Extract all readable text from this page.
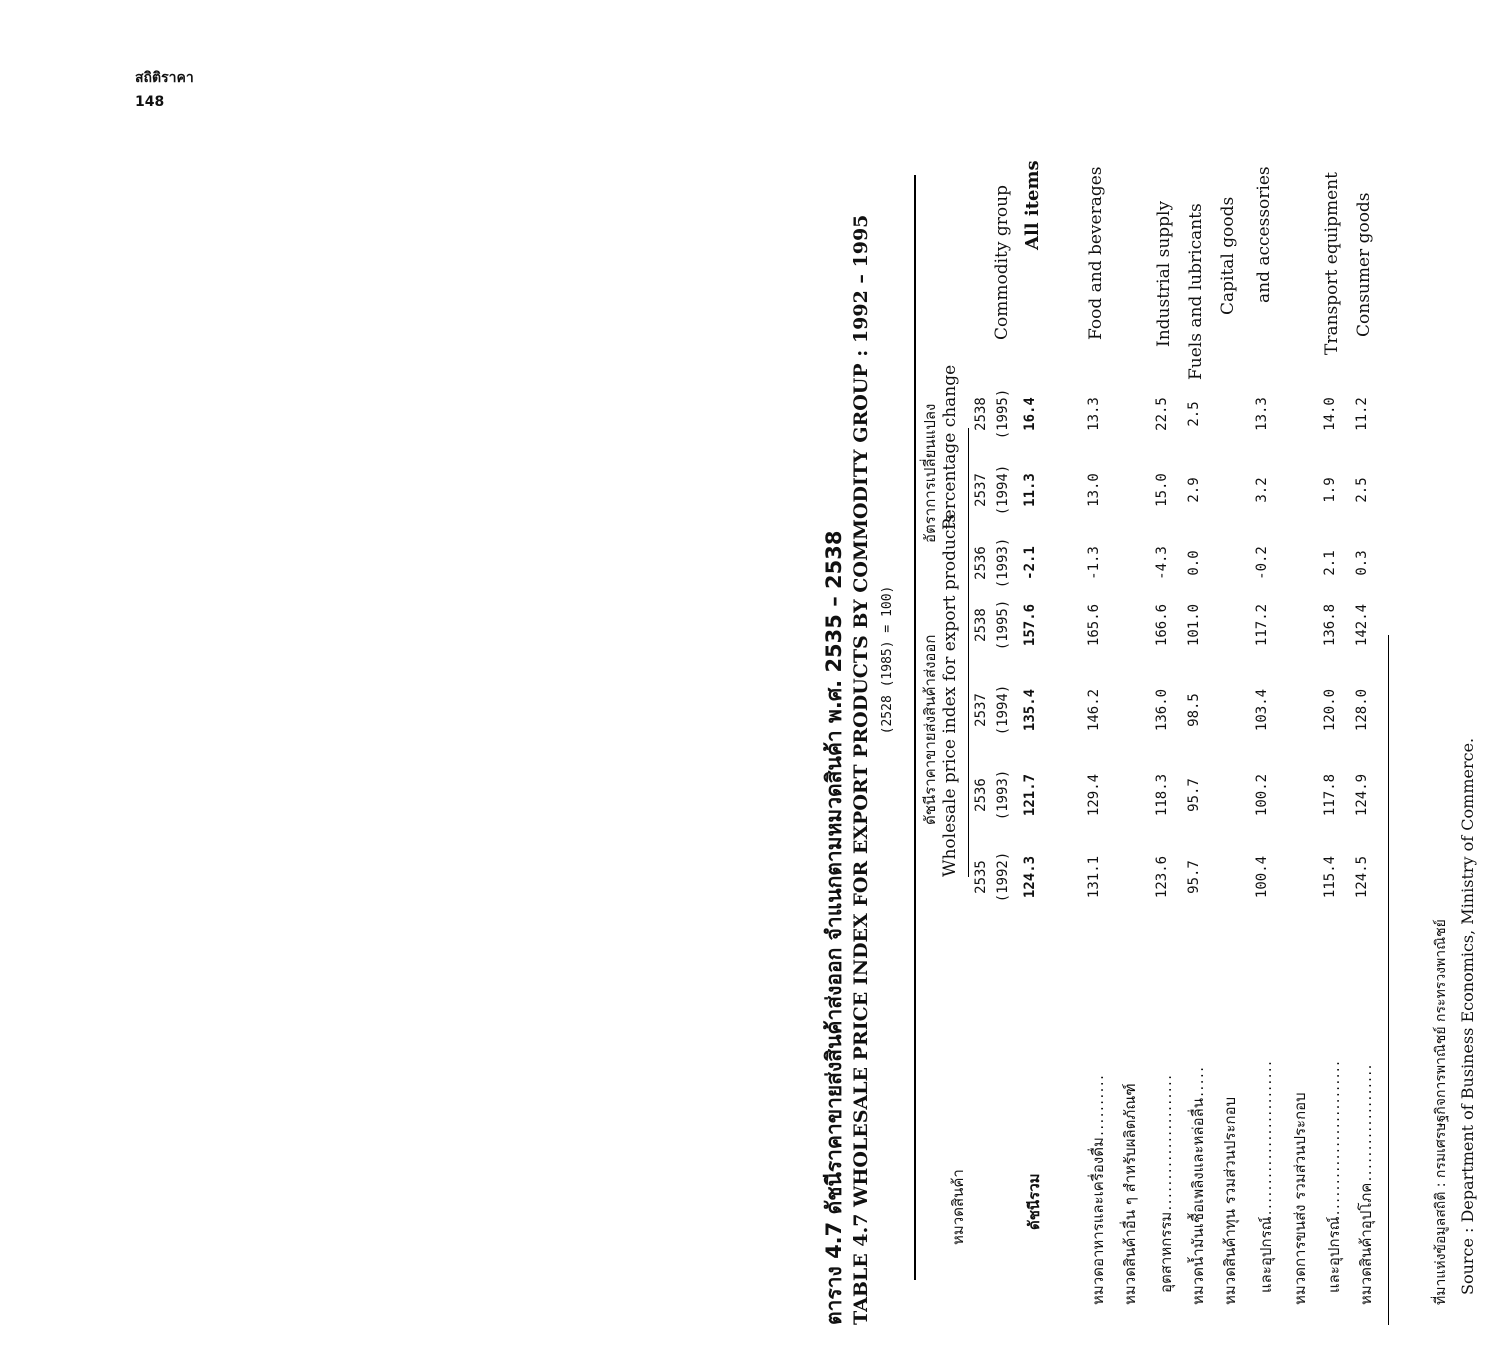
สถิติราคา
148
ตาราง 4.7 ดัชนีราคาขายส่งสินค้าส่งออก จำแนกตามหมวดสินค้า พ.ศ. 2535 – 2538 TABLE 4.7 WHOLESALE PRICE INDEX FOR EXPORT PRODUCTS BY COMMODITY GROUP : 1992 – 1995 (2528 (1985) = 100)
หมวดสินค้า
Commodity group
ดัชนีราคาขายส่งสินค้าส่งออก Wholesale price index for export products
อัตราการเปลี่ยนแปลง Percentage change
2535 (1992)
2536 (1993)
2537 (1994)
2538 (1995)
2536 (1993)
2537 (1994)
2538 (1995)
ดัชนีรวม
124.3
121.7
135.4
157.6
-2.1
11.3
16.4
All items
หมวดอาหารและเครื่องดื่ม..........
131.1
129.4
146.2
165.6
-1.3
13.0
13.3
Food and beverages
หมวดสินค้าอื่น ๆ สำหรับผลิตภัณฑ์ อุตสาหกรรม......................
123.6
118.3
136.0
166.6
-4.3
15.0
22.5
Industrial supply
หมวดน้ำมันเชื้อเพลิงและหล่อลื่น.....
95.7
95.7
98.5
101.0
0.0
2.9
2.5
Fuels and lubricants
หมวดสินค้าทุน รวมส่วนประกอบ
Capital goods
และอุปกรณ์.........................
100.4
100.2
103.4
117.2
-0.2
3.2
13.3
and accessories
หมวดการขนส่ง รวมส่วนประกอบ และอุปกรณ์.........................
115.4
117.8
120.0
136.8
2.1
1.9
14.0
Transport equipment
หมวดสินค้าอุปโภค...................
124.5
124.9
128.0
142.4
0.3
2.5
11.2
Consumer goods
ที่มาแห่งข้อมูลสถิติ : กรมเศรษฐกิจการพาณิชย์ กระทรวงพาณิชย์ Source : Department of Business Economics, Ministry of Commerce.
